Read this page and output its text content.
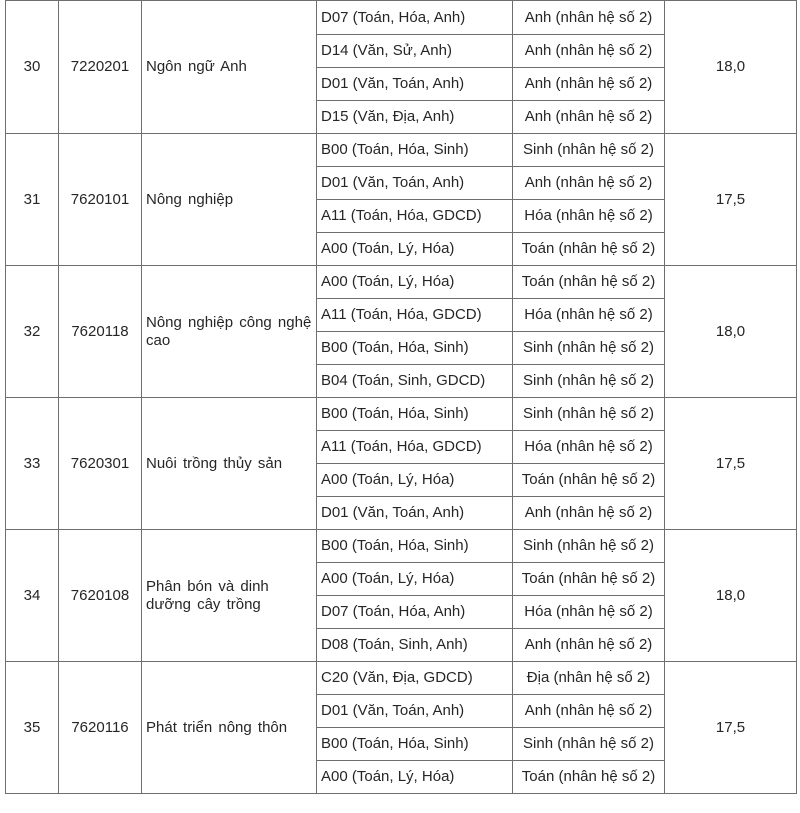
30	7220201	Ngôn ngữ Anh	D07 (Toán, Hóa, Anh)	Anh (nhân hệ số 2)	18,0
			D14 (Văn, Sử, Anh)	Anh (nhân hệ số 2)	
			D01 (Văn, Toán, Anh)	Anh (nhân hệ số 2)	
			D15 (Văn, Địa, Anh)	Anh (nhân hệ số 2)	
31	7620101	Nông nghiệp	B00 (Toán, Hóa, Sinh)	Sinh (nhân hệ số 2)	17,5
			D01 (Văn, Toán, Anh)	Anh (nhân hệ số 2)	
			A11 (Toán, Hóa, GDCD)	Hóa (nhân hệ số 2)	
			A00 (Toán, Lý, Hóa)	Toán (nhân hệ số 2)	
32	7620118	Nông nghiệp công nghệ cao	A00 (Toán, Lý, Hóa)	Toán (nhân hệ số 2)	18,0
			A11 (Toán, Hóa, GDCD)	Hóa (nhân hệ số 2)	
			B00 (Toán, Hóa, Sinh)	Sinh (nhân hệ số 2)	
			B04 (Toán, Sinh, GDCD)	Sinh (nhân hệ số 2)	
33	7620301	Nuôi trồng thủy sản	B00 (Toán, Hóa, Sinh)	Sinh (nhân hệ số 2)	17,5
			A11 (Toán, Hóa, GDCD)	Hóa (nhân hệ số 2)	
			A00 (Toán, Lý, Hóa)	Toán (nhân hệ số 2)	
			D01 (Văn, Toán, Anh)	Anh (nhân hệ số 2)	
34	7620108	Phân bón và dinh dưỡng cây trồng	B00 (Toán, Hóa, Sinh)	Sinh (nhân hệ số 2)	18,0
			A00 (Toán, Lý, Hóa)	Toán (nhân hệ số 2)	
			D07 (Toán, Hóa, Anh)	Hóa (nhân hệ số 2)	
			D08 (Toán, Sinh, Anh)	Anh (nhân hệ số 2)	
35	7620116	Phát triển nông thôn	C20 (Văn, Địa, GDCD)	Địa (nhân hệ số 2)	17,5
			D01 (Văn, Toán, Anh)	Anh (nhân hệ số 2)	
			B00 (Toán, Hóa, Sinh)	Sinh (nhân hệ số 2)	
			A00 (Toán, Lý, Hóa)	Toán (nhân hệ số 2)	
